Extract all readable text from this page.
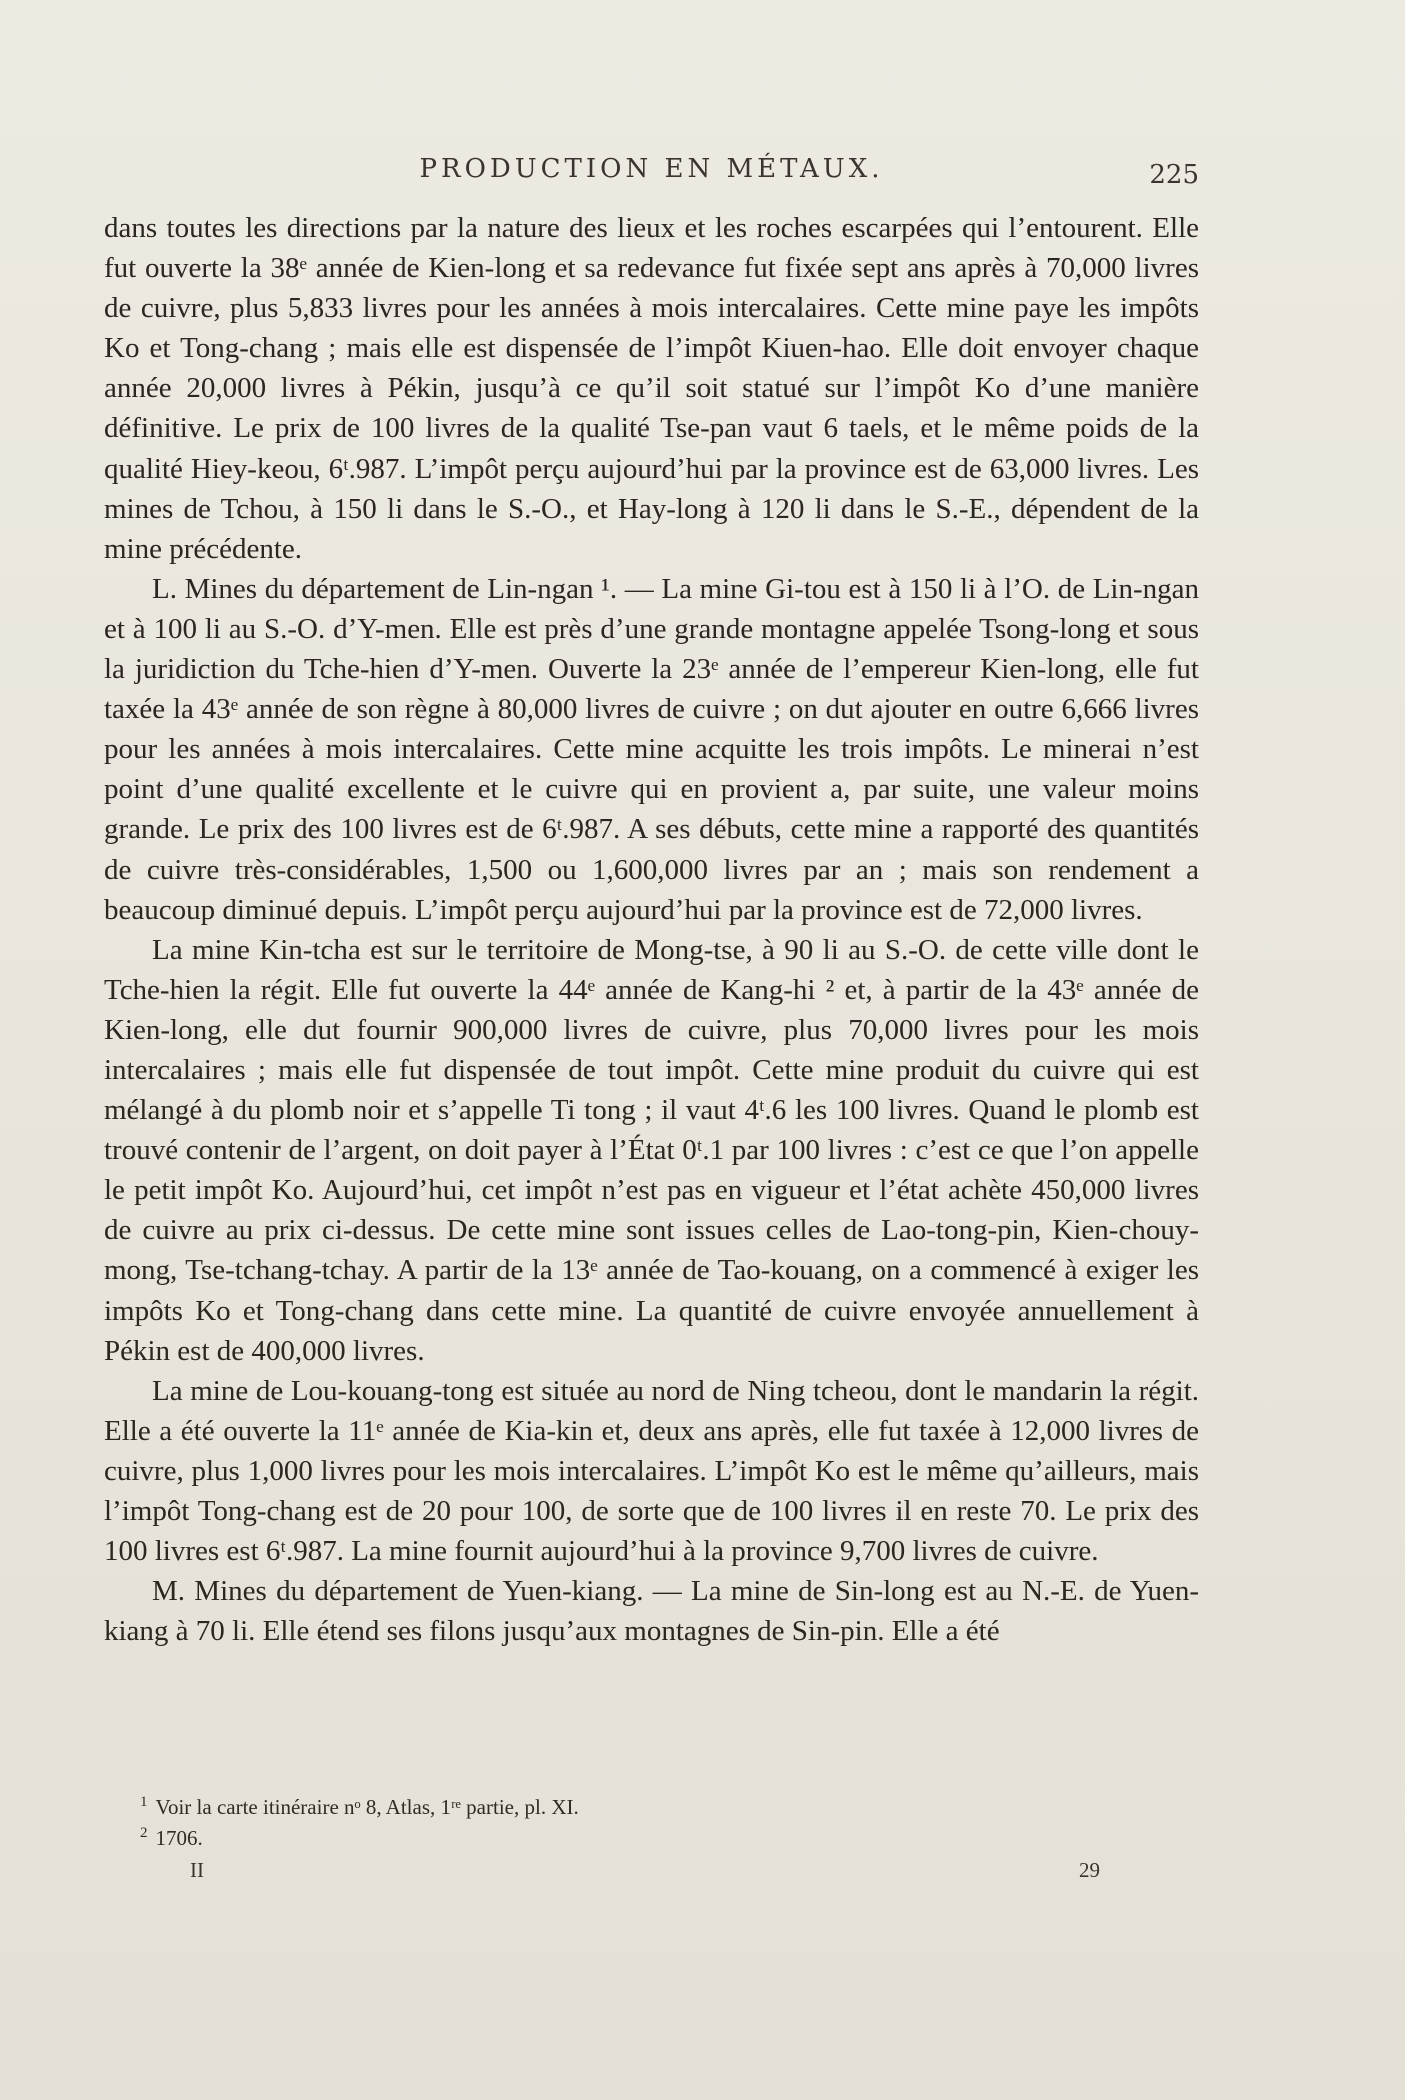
PRODUCTION EN MÉTAUX.	225

dans toutes les directions par la nature des lieux et les roches escarpées qui l’entourent. Elle fut ouverte la 38ᵉ année de Kien-long et sa redevance fut fixée sept ans après à 70,000 livres de cuivre, plus 5,833 livres pour les années à mois intercalaires. Cette mine paye les impôts Ko et Tong-chang ; mais elle est dispensée de l’impôt Kiuen-hao. Elle doit envoyer chaque année 20,000 livres à Pékin, jusqu’à ce qu’il soit statué sur l’impôt Ko d’une manière définitive. Le prix de 100 livres de la qualité Tse-pan vaut 6 taels, et le même poids de la qualité Hiey-keou, 6ᵗ.987. L’impôt perçu aujourd’hui par la province est de 63,000 livres. Les mines de Tchou, à 150 li dans le S.-O., et Hay-long à 120 li dans le S.-E., dépendent de la mine précédente.

L. Mines du département de Lin-ngan ¹. — La mine Gi-tou est à 150 li à l’O. de Lin-ngan et à 100 li au S.-O. d’Y-men. Elle est près d’une grande montagne appelée Tsong-long et sous la juridiction du Tche-hien d’Y-men. Ouverte la 23ᵉ année de l’empereur Kien-long, elle fut taxée la 43ᵉ année de son règne à 80,000 livres de cuivre ; on dut ajouter en outre 6,666 livres pour les années à mois intercalaires. Cette mine acquitte les trois impôts. Le minerai n’est point d’une qualité excellente et le cuivre qui en provient a, par suite, une valeur moins grande. Le prix des 100 livres est de 6ᵗ.987. A ses débuts, cette mine a rapporté des quantités de cuivre très-considérables, 1,500 ou 1,600,000 livres par an ; mais son rendement a beaucoup diminué depuis. L’impôt perçu aujourd’hui par la province est de 72,000 livres.

La mine Kin-tcha est sur le territoire de Mong-tse, à 90 li au S.-O. de cette ville dont le Tche-hien la régit. Elle fut ouverte la 44ᵉ année de Kang-hi ² et, à partir de la 43ᵉ année de Kien-long, elle dut fournir 900,000 livres de cuivre, plus 70,000 livres pour les mois intercalaires ; mais elle fut dispensée de tout impôt. Cette mine produit du cuivre qui est mélangé à du plomb noir et s’appelle Ti tong ; il vaut 4ᵗ.6 les 100 livres. Quand le plomb est trouvé contenir de l’argent, on doit payer à l’État 0ᵗ.1 par 100 livres : c’est ce que l’on appelle le petit impôt Ko. Aujourd’hui, cet impôt n’est pas en vigueur et l’état achète 450,000 livres de cuivre au prix ci-dessus. De cette mine sont issues celles de Lao-tong-pin, Kien-chouy-mong, Tse-tchang-tchay. A partir de la 13ᵉ année de Tao-kouang, on a commencé à exiger les impôts Ko et Tong-chang dans cette mine. La quantité de cuivre envoyée annuellement à Pékin est de 400,000 livres.

La mine de Lou-kouang-tong est située au nord de Ning tcheou, dont le mandarin la régit. Elle a été ouverte la 11ᵉ année de Kia-kin et, deux ans après, elle fut taxée à 12,000 livres de cuivre, plus 1,000 livres pour les mois intercalaires. L’impôt Ko est le même qu’ailleurs, mais l’impôt Tong-chang est de 20 pour 100, de sorte que de 100 livres il en reste 70. Le prix des 100 livres est 6ᵗ.987. La mine fournit aujourd’hui à la province 9,700 livres de cuivre.

M. Mines du département de Yuen-kiang. — La mine de Sin-long est au N.-E. de Yuen-kiang à 70 li. Elle étend ses filons jusqu’aux montagnes de Sin-pin. Elle a été

$^1$ Voir la carte itinéraire nᵒ 8, Atlas, 1ʳᵉ partie, pl. XI.

$^2$ 1706.

II	29
